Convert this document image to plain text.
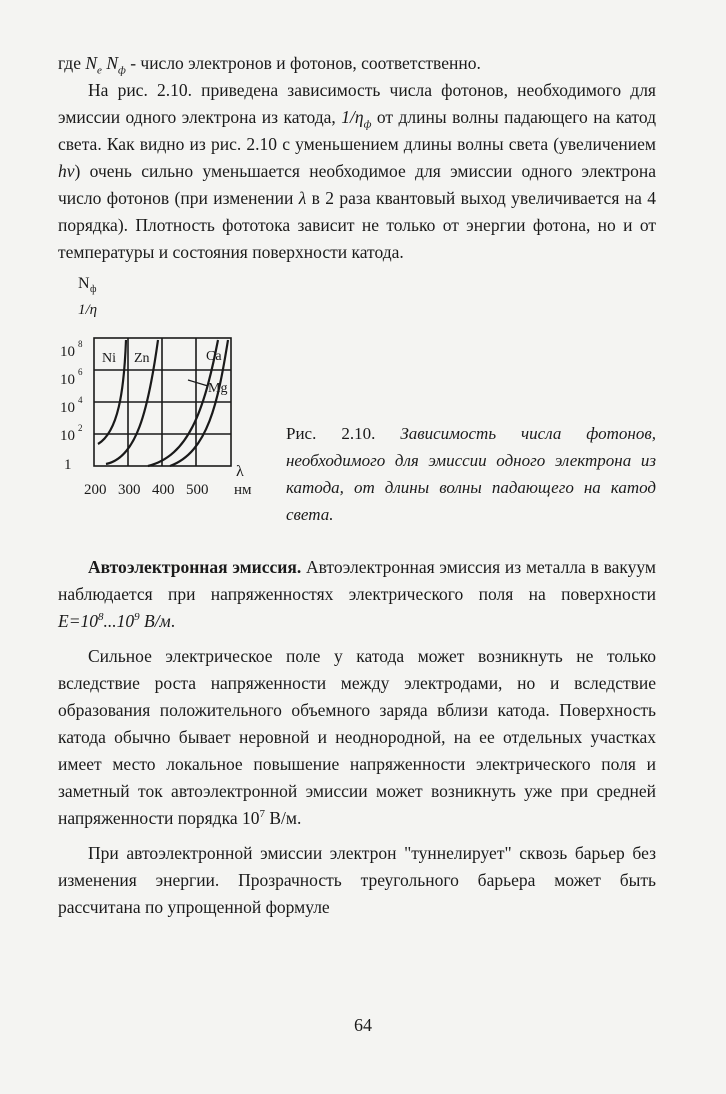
где $N_e$ $N_ф$ - число электронов и фотонов, соответственно.

На рис. 2.10. приведена зависимость числа фотонов, необходимого для эмиссии одного электрона из катода, $1/\eta_ф$ от длины волны падающего на катод света. Как видно из рис. 2.10 с уменьшением длины волны света (увеличением hν) очень сильно уменьшается необходимое для эмиссии одного электрона число фотонов (при изменении λ в 2 раза квантовый выход увеличивается на 4 порядка). Плотность фототока зависит не только от энергии фотона, но и от температуры и состояния поверхности катода.

N ф
1/η
10 8
10 6
10 4
10 2
1
Ni Zn	Ca
Mg
200 300 400 500 нм
λ
Рис. 2.10. Зависимость числа фотонов, необходимого для эмиссии одного электрона из катода, от длины волны падающего на катод света.

Автоэлектронная эмиссия. Автоэлектронная эмиссия из металла в вакуум наблюдается при напряженностях электрического поля на поверхности $E=10^8...10^9$ В/м.

Сильное электрическое поле у катода может возникнуть не только вследствие роста напряженности между электродами, но и вследствие образования положительного объемного заряда вблизи катода. Поверхность катода обычно бывает неровной и неоднородной, на ее отдельных участках имеет место локальное повышение напряженности электрического поля и заметный ток автоэлектронной эмиссии может возникнуть уже при средней напряженности порядка $10^7$ В/м.

При автоэлектронной эмиссии электрон "туннелирует" сквозь барьер без изменения энергии. Прозрачность треугольного барьера может быть рассчитана по упрощенной формуле

64
